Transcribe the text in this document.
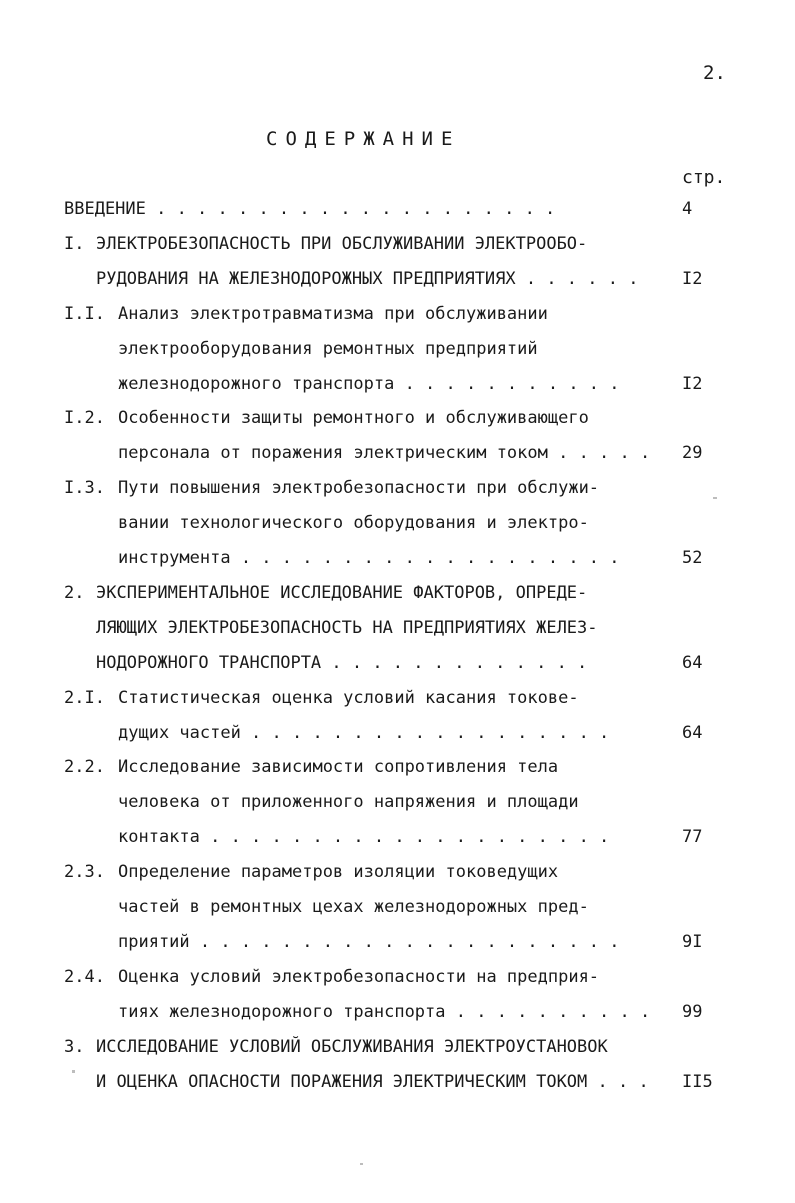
2.
СОДЕРЖАНИЕ
стр.
ВВЕДЕНИЕ . . . . . . . . . . . . . . . . . . . .	4
I. ЭЛЕКТРОБЕЗОПАСНОСТЬ ПРИ ОБСЛУЖИВАНИИ ЭЛЕКТРООБО-
РУДОВАНИЯ НА ЖЕЛЕЗНОДОРОЖНЫХ ПРЕДПРИЯТИЯХ . . . . . .	I2
I.I. Анализ электротравматизма при обслуживании
электрооборудования ремонтных предприятий
железнодорожного транспорта . . . . . . . . . . .	I2
I.2. Особенности защиты ремонтного и обслуживающего
персонала от поражения электрическим током . . . . . 29
I.3. Пути повышения электробезопасности при обслужи-
вании технологического оборудования и электро-
инструмента . . . . . . . . . . . . . . . . . . .	52
2. ЭКСПЕРИМЕНТАЛЬНОЕ ИССЛЕДОВАНИЕ ФАКТОРОВ, ОПРЕДЕ-
ЛЯЮЩИХ ЭЛЕКТРОБЕЗОПАСНОСТЬ НА ПРЕДПРИЯТИЯХ ЖЕЛЕЗ-
НОДОРОЖНОГО ТРАНСПОРТА . . . . . . . . . . . . .	64
2.I. Статистическая оценка условий касания токове-
дущих частей . . . . . . . . . . . . . . . . . .	64
2.2. Исследование зависимости сопротивления тела
человека от приложенного напряжения и площади
контакта . . . . . . . . . . . . . . . . . . . .	77
2.3. Определение параметров изоляции токоведущих
частей в ремонтных цехах железнодорожных пред-
приятий . . . . . . . . . . . . . . . . . . . . .	9I
2.4. Оценка условий электробезопасности на предприя-
тиях железнодорожного транспорта . . . . . . . . . . 99
3. ИССЛЕДОВАНИЕ УСЛОВИЙ ОБСЛУЖИВАНИЯ ЭЛЕКТРОУСТАНОВОК
И ОЦЕНКА ОПАСНОСТИ ПОРАЖЕНИЯ ЭЛЕКТРИЧЕСКИМ ТОКОМ . . . II5
